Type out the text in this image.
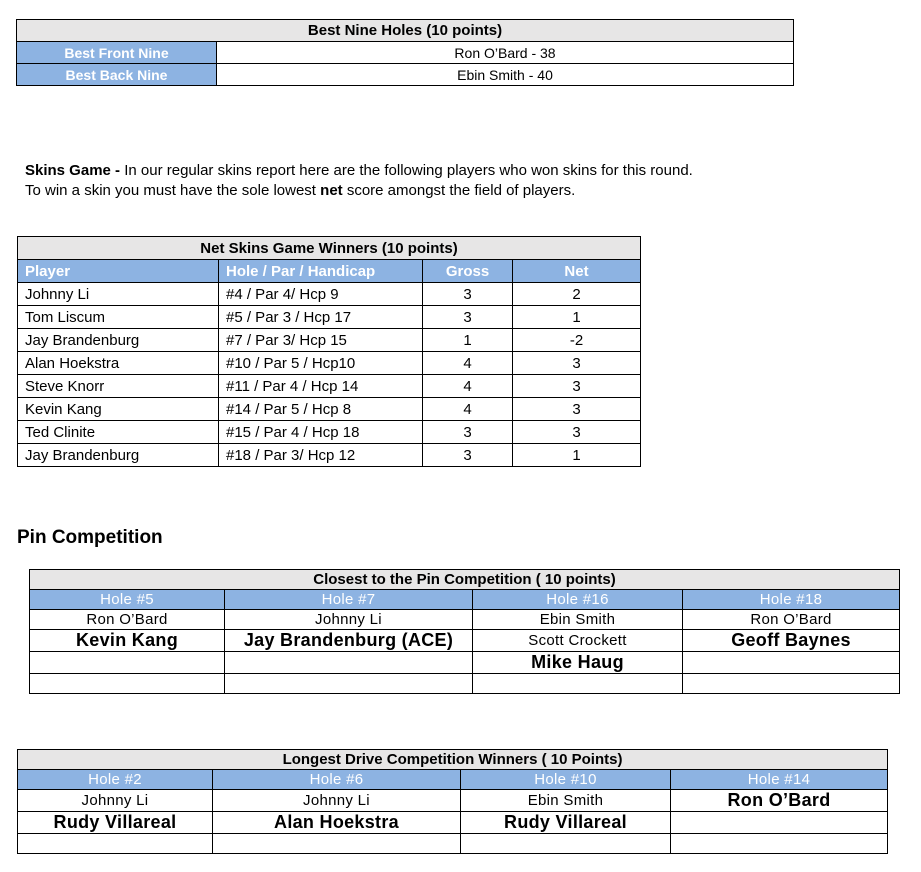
Best Nine Holes (10 points)	
Best Front Nine	Ron O’Bard - 38
Best Back Nine	Ebin Smith - 40

Skins Game - In our regular skins report here are the following players who won skins for this round.

To win a skin you must have the sole lowest net score amongst the field of players.

Net Skins Game Winners (10 points)			
Player	Hole / Par / Handicap	Gross	Net
Johnny Li	#4 / Par 4/ Hcp 9	3	2
Tom Liscum	#5 / Par 3 / Hcp 17	3	1
Jay Brandenburg	#7 / Par 3/ Hcp 15	1	-2
Alan Hoekstra	#10 / Par 5 / Hcp10	4	3
Steve Knorr	#11 / Par 4 / Hcp 14	4	3
Kevin Kang	#14 / Par 5 / Hcp 8	4	3
Ted Clinite	#15 / Par 4 / Hcp 18	3	3
Jay Brandenburg	#18 / Par 3/ Hcp 12	3	1
Pin Competition
Closest to the Pin Competition ( 10 points)			
Hole #5	Hole #7	Hole #16	Hole #18
Ron O’Bard	Johnny Li	Ebin Smith	Ron O’Bard
Kevin Kang	Jay Brandenburg (ACE)	Scott Crockett	Geoff Baynes
		Mike Haug	

Longest Drive Competition Winners ( 10 Points)			
Hole #2	Hole #6	Hole #10	Hole #14
Johnny Li	Johnny Li	Ebin Smith	Ron O’Bard
Rudy Villareal	Alan Hoekstra	Rudy Villareal	
